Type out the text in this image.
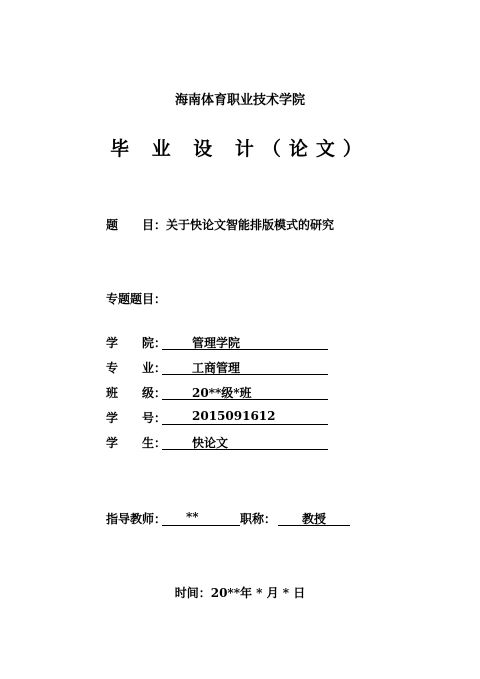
海南体育职业技术学院
毕 业 设 计（论文）
题　　目：关于快论文智能排版模式的研究
专题题目：
学 院： 管理学院
专 业： 工商管理
班 级： 20**级*班
学 号： 2015091612
学 生： 快论文
指导教师： **	职称： 教授
时间：20**年 * 月 * 日
